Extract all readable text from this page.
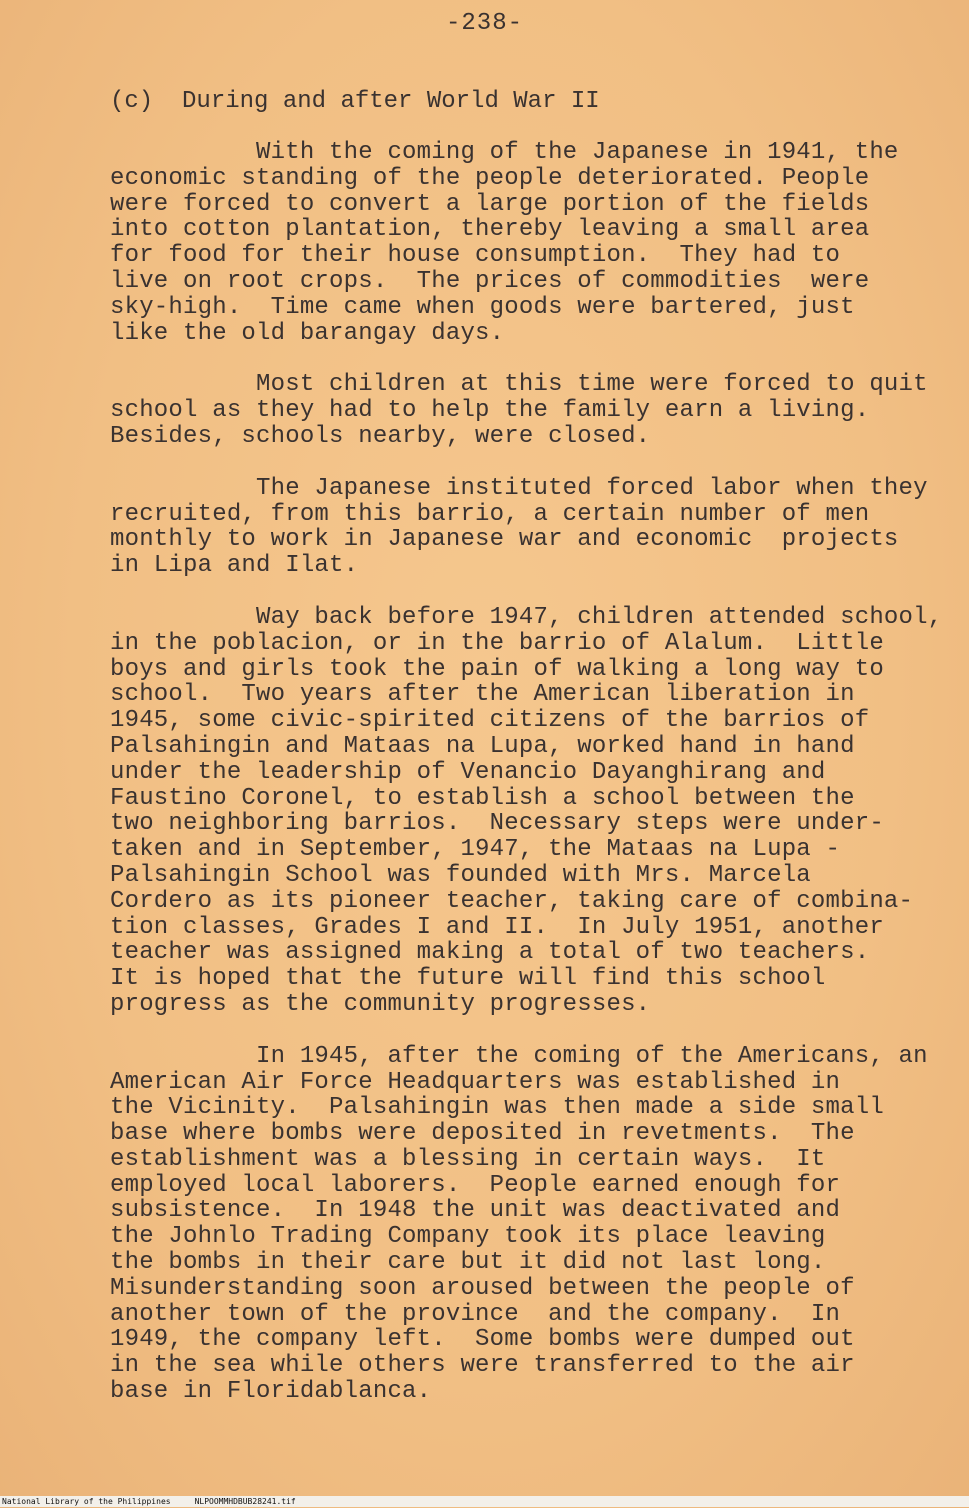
-238-
(c)  During and after World War II
With the coming of the Japanese in 1941, the
economic standing of the people deteriorated. People
were forced to convert a large portion of the fields
into cotton plantation, thereby leaving a small area
for food for their house consumption.  They had to
live on root crops.  The prices of commodities  were
sky-high.  Time came when goods were bartered, just
like the old barangay days.
Most children at this time were forced to quit
school as they had to help the family earn a living.
Besides, schools nearby, were closed.
The Japanese instituted forced labor when they
recruited, from this barrio, a certain number of men
monthly to work in Japanese war and economic  projects
in Lipa and Ilat.
Way back before 1947, children attended school,
in the poblacion, or in the barrio of Alalum.  Little
boys and girls took the pain of walking a long way to
school.  Two years after the American liberation in
1945, some civic-spirited citizens of the barrios of
Palsahingin and Mataas na Lupa, worked hand in hand
under the leadership of Venancio Dayanghirang and
Faustino Coronel, to establish a school between the
two neighboring barrios.  Necessary steps were under-
taken and in September, 1947, the Mataas na Lupa -
Palsahingin School was founded with Mrs. Marcela
Cordero as its pioneer teacher, taking care of combina-
tion classes, Grades I and II.  In July 1951, another
teacher was assigned making a total of two teachers.
It is hoped that the future will find this school
progress as the community progresses.
In 1945, after the coming of the Americans, an
American Air Force Headquarters was established in
the Vicinity.  Palsahingin was then made a side small
base where bombs were deposited in revetments.  The
establishment was a blessing in certain ways.  It
employed local laborers.  People earned enough for
subsistence.  In 1948 the unit was deactivated and
the Johnlo Trading Company took its place leaving
the bombs in their care but it did not last long.
Misunderstanding soon aroused between the people of
another town of the province  and the company.  In
1949, the company left.  Some bombs were dumped out
in the sea while others were transferred to the air
base in Floridablanca.
National Library of the Philippines	NLPOOMMHDBUB28241.tif
